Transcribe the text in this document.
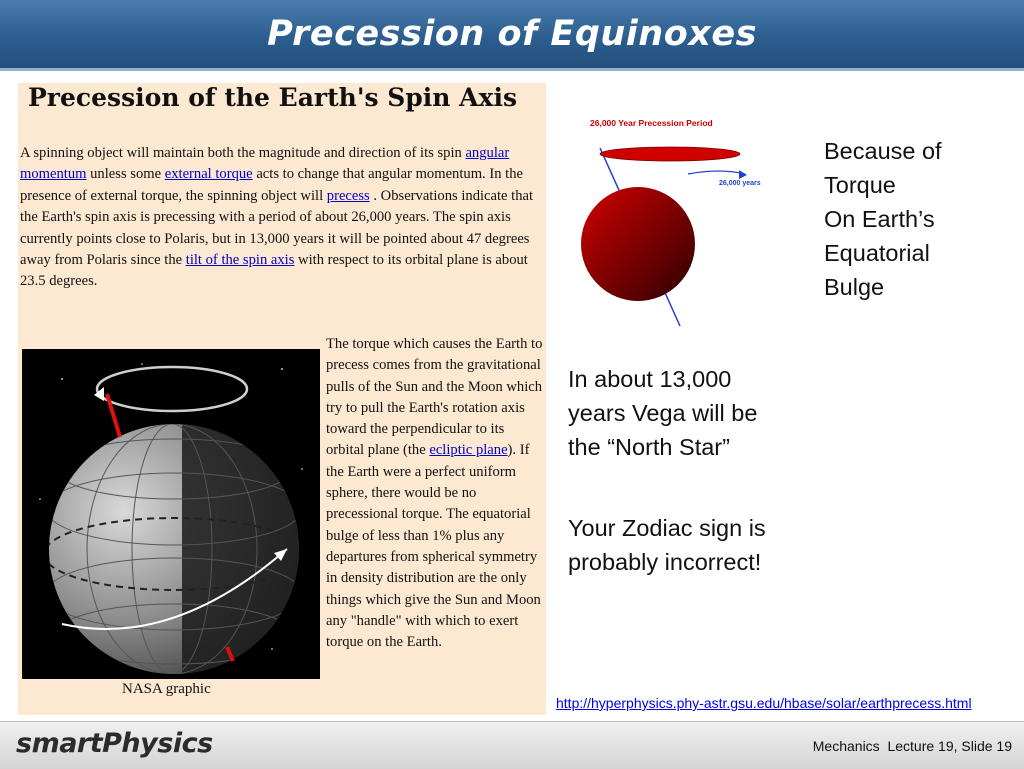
Precession of Equinoxes
Precession of the Earth's Spin Axis
A spinning object will maintain both the magnitude and direction of its spin angular momentum unless some external torque acts to change that angular momentum. In the presence of external torque, the spinning object will precess . Observations indicate that the Earth's spin axis is precessing with a period of about 26,000 years. The spin axis currently points close to Polaris, but in 13,000 years it will be pointed about 47 degrees away from Polaris since the tilt of the spin axis with respect to its orbital plane is about 23.5 degrees.
NASA graphic
The torque which causes the Earth to precess comes from the gravitational pulls of the Sun and the Moon which try to pull the Earth's rotation axis toward the perpendicular to its orbital plane (the ecliptic plane). If the Earth were a perfect uniform sphere, there would be no precessional torque. The equatorial bulge of less than 1% plus any departures from spherical symmetry in density distribution are the only things which give the Sun and Moon any "handle" with which to exert torque on the Earth.
26,000 Year Precession Period
26,000 years
Because of
Torque
On Earth’s
Equatorial
Bulge
In about 13,000 years Vega will be the “North Star”
Your Zodiac sign is probably incorrect!
http://hyperphysics.phy-astr.gsu.edu/hbase/solar/earthprecess.html
smartPhysics	Mechanics  Lecture 19, Slide 19
